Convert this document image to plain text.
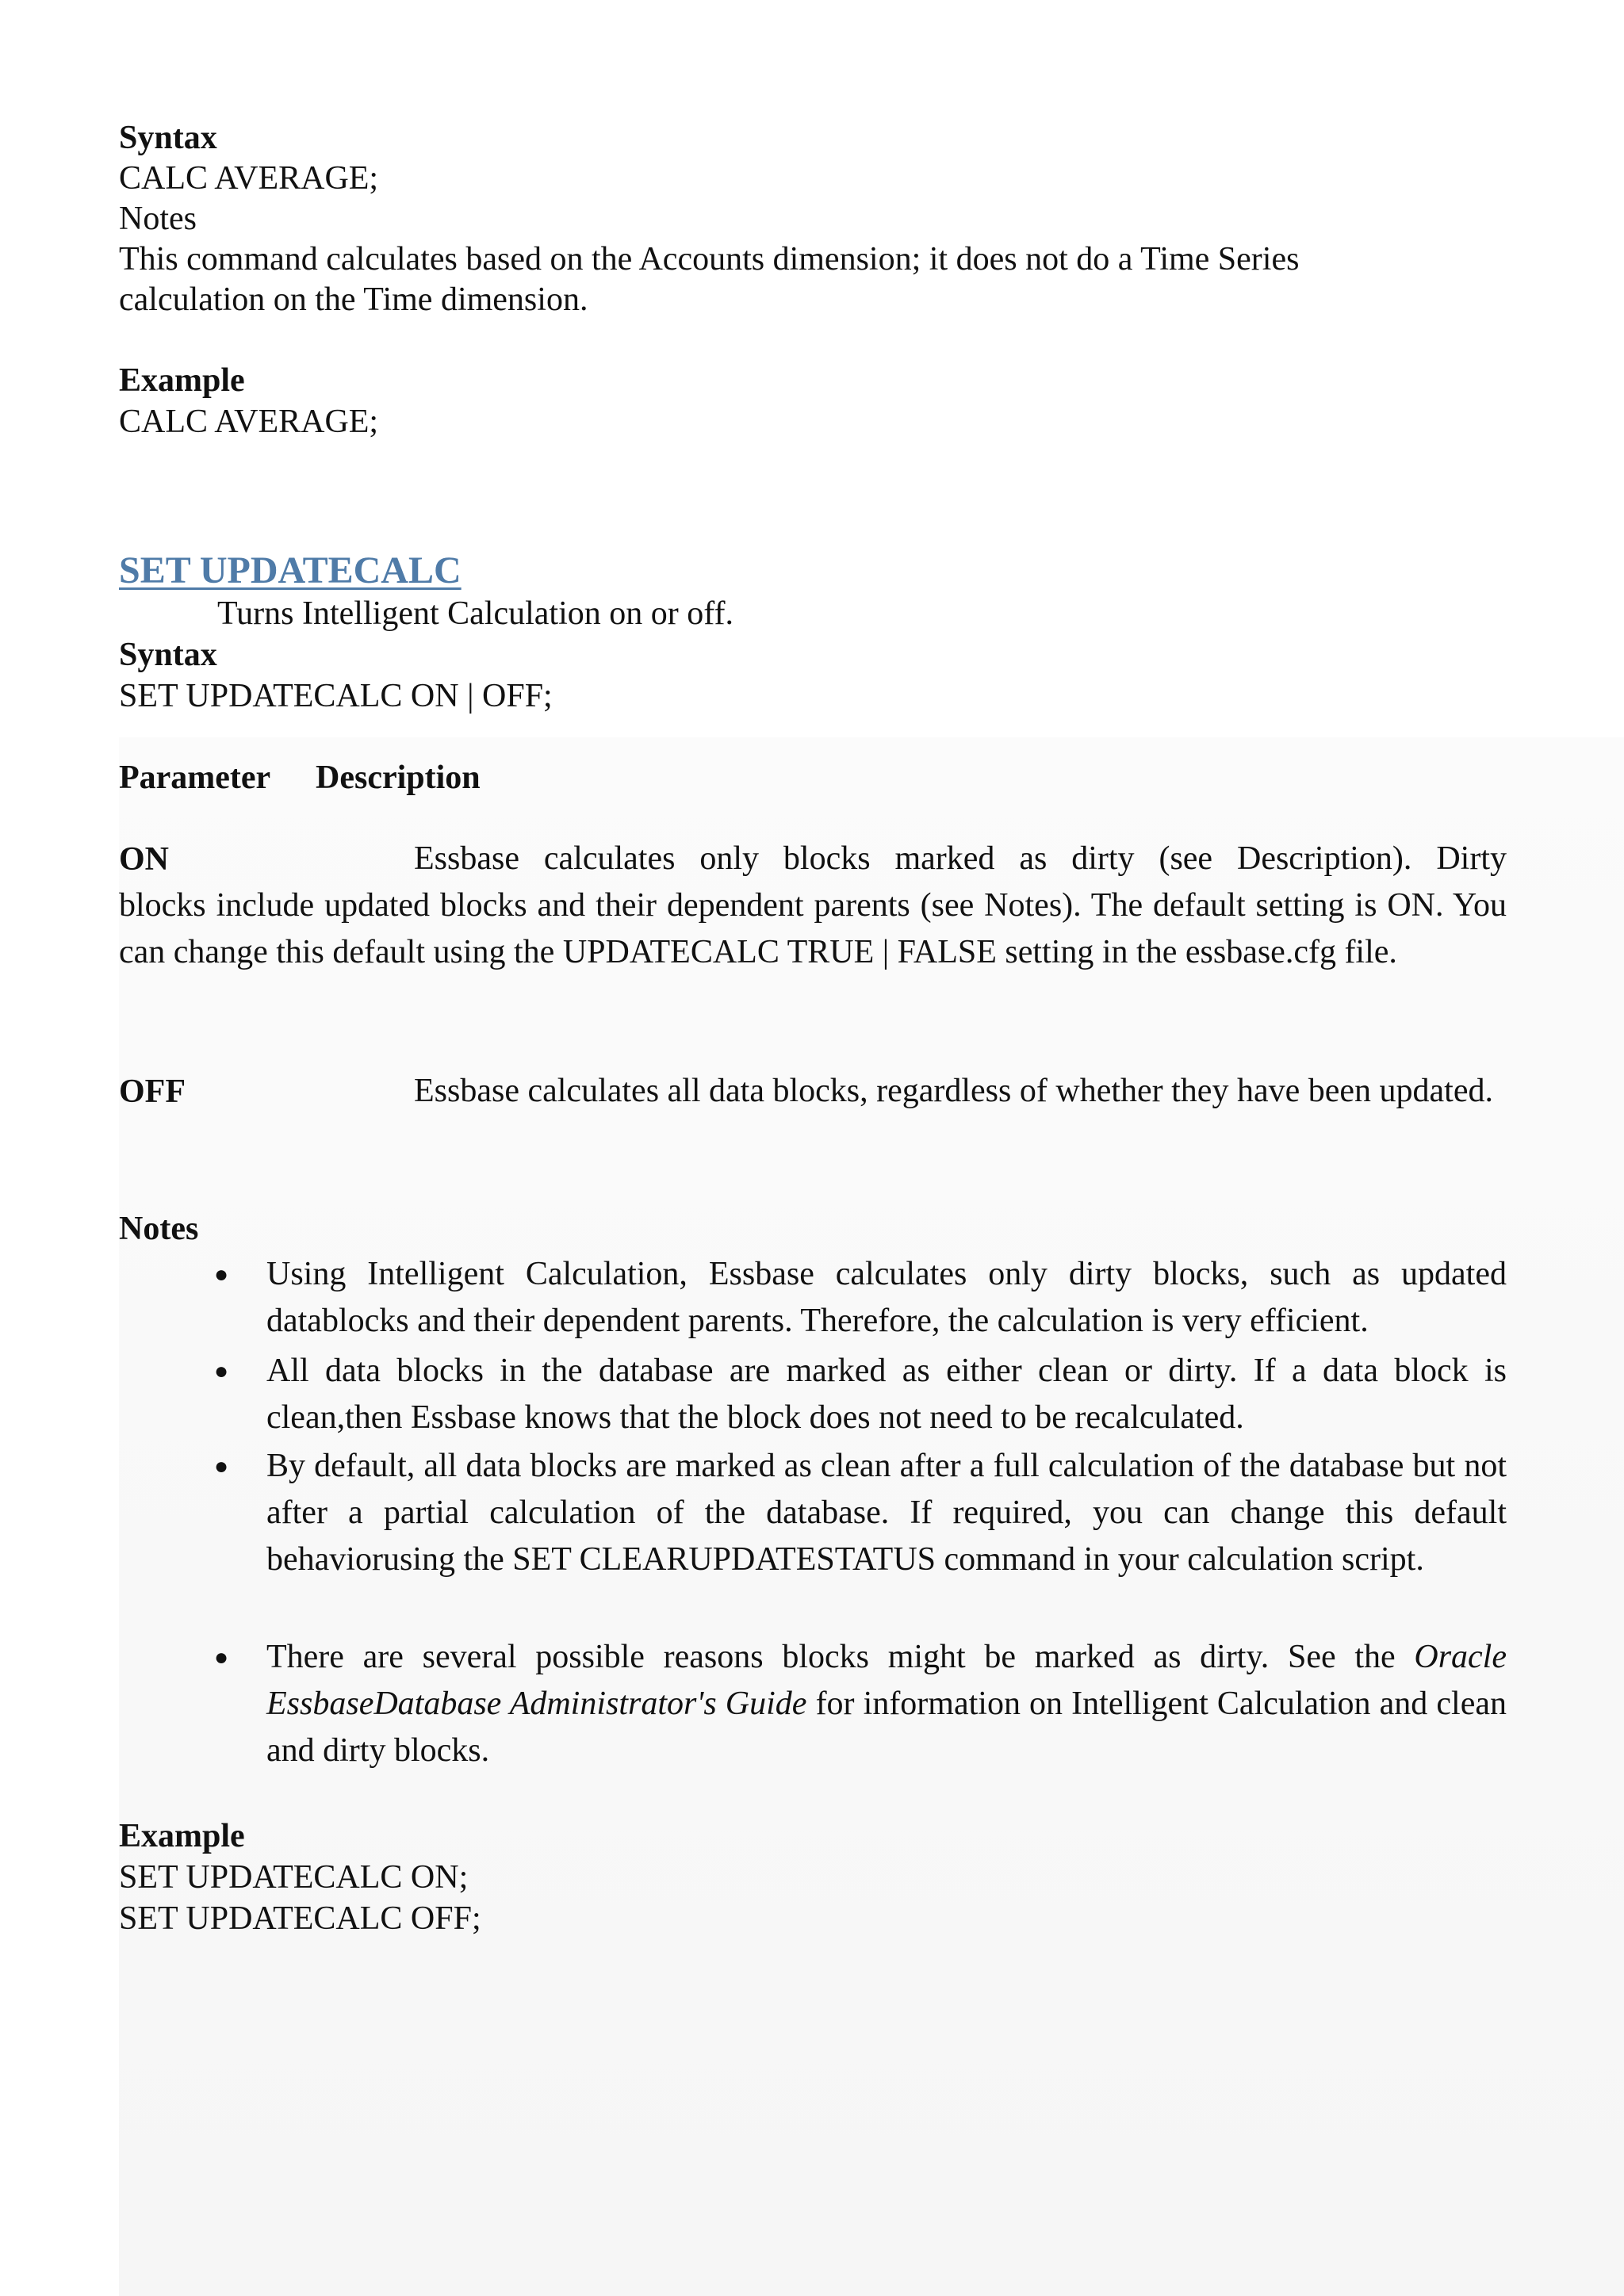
Syntax

CALC AVERAGE;

Notes

This command calculates based on the Accounts dimension; it does not do a Time Series

calculation on the Time dimension.

Example

CALC AVERAGE;

SET UPDATECALC

Turns Intelligent Calculation on or off.

Syntax

SET UPDATECALC ON | OFF;

Parameter Description

ON	Essbase calculates only blocks marked as dirty (see Description). Dirty

blocks include updated blocks and their dependent parents (see Notes). The default setting is ON. You can change this default using the UPDATECALC TRUE | FALSE setting in the essbase.cfg file.

OFF	Essbase calculates all data blocks, regardless of whether they have been updated.

Notes

● Using Intelligent Calculation, Essbase calculates only dirty blocks, such as updated datablocks and their dependent parents. Therefore, the calculation is very efficient.

● All data blocks in the database are marked as either clean or dirty. If a data block is clean,then Essbase knows that the block does not need to be recalculated.

● By default, all data blocks are marked as clean after a full calculation of the database but not after a partial calculation of the database. If required, you can change this default behaviorusing the SET CLEARUPDATESTATUS command in your calculation script.

● There are several possible reasons blocks might be marked as dirty. See the Oracle EssbaseDatabase Administrator's Guide for information on Intelligent Calculation and clean and dirty blocks.

Example

SET UPDATECALC ON;

SET UPDATECALC OFF;
